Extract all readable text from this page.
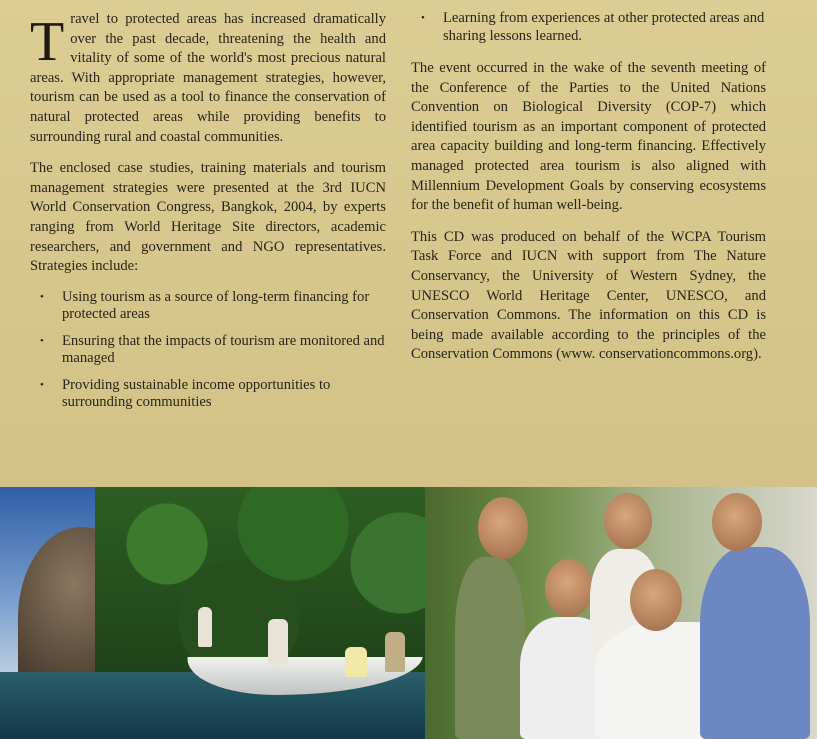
Travel to protected areas has increased dramatically over the past decade, threatening the health and vitality of some of the world's most precious natural areas. With appropriate management strategies, however, tourism can be used as a tool to finance the conservation of natural protected areas while providing benefits to surrounding rural and coastal communities.

The enclosed case studies, training materials and tourism management strategies were presented at the 3rd IUCN World Conservation Congress, Bangkok, 2004, by experts ranging from World Heritage Site directors, academic researchers, and government and NGO representatives. Strategies include:

• Using tourism as a source of long-term financing for protected areas
• Ensuring that the impacts of tourism are monitored and managed
• Providing sustainable income opportunities to surrounding communities
• Learning from experiences at other protected areas and sharing lessons learned.

The event occurred in the wake of the seventh meeting of the Conference of the Parties to the United Nations Convention on Biological Diversity (COP-7) which identified tourism as an important component of protected area capacity building and long-term financing. Effectively managed protected area tourism is also aligned with Millennium Development Goals by conserving ecosystems for the benefit of human well-being.

This CD was produced on behalf of the WCPA Tourism Task Force and IUCN with support from The Nature Conservancy, the University of Western Sydney, the UNESCO World Heritage Center, UNESCO, and Conservation Commons. The information on this CD is being made available according to the principles of the Conservation Commons (www. conservationcommons.org).
